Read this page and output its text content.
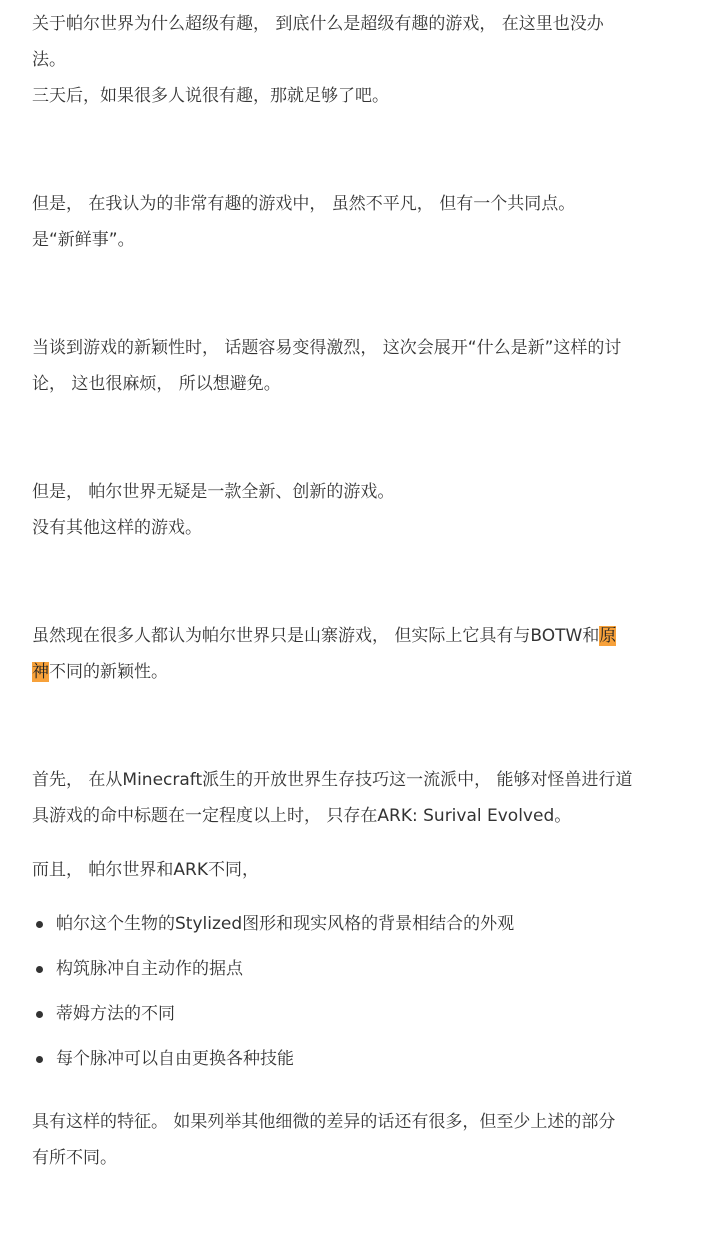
关于帕尔世界为什么超级有趣， 到底什么是超级有趣的游戏， 在这里也没办
法。
三天后，如果很多人说很有趣，那就足够了吧。
但是， 在我认为的非常有趣的游戏中， 虽然不平凡， 但有一个共同点。
是“新鲜事”。
当谈到游戏的新颖性时， 话题容易变得激烈， 这次会展开“什么是新”这样的讨
论， 这也很麻烦， 所以想避免。
但是， 帕尔世界无疑是一款全新、创新的游戏。
没有其他这样的游戏。
虽然现在很多人都认为帕尔世界只是山寨游戏， 但实际上它具有与BOTW和原
神不同的新颖性。
首先， 在从Minecraft派生的开放世界生存技巧这一流派中， 能够对怪兽进行道
具游戏的命中标题在一定程度以上时， 只存在ARK: Surival Evolved。
而且， 帕尔世界和ARK不同，
帕尔这个生物的Stylized图形和现实风格的背景相结合的外观
构筑脉冲自主动作的据点
蒂姆方法的不同
每个脉冲可以自由更换各种技能
具有这样的特征。 如果列举其他细微的差异的话还有很多，但至少上述的部分
有所不同。
